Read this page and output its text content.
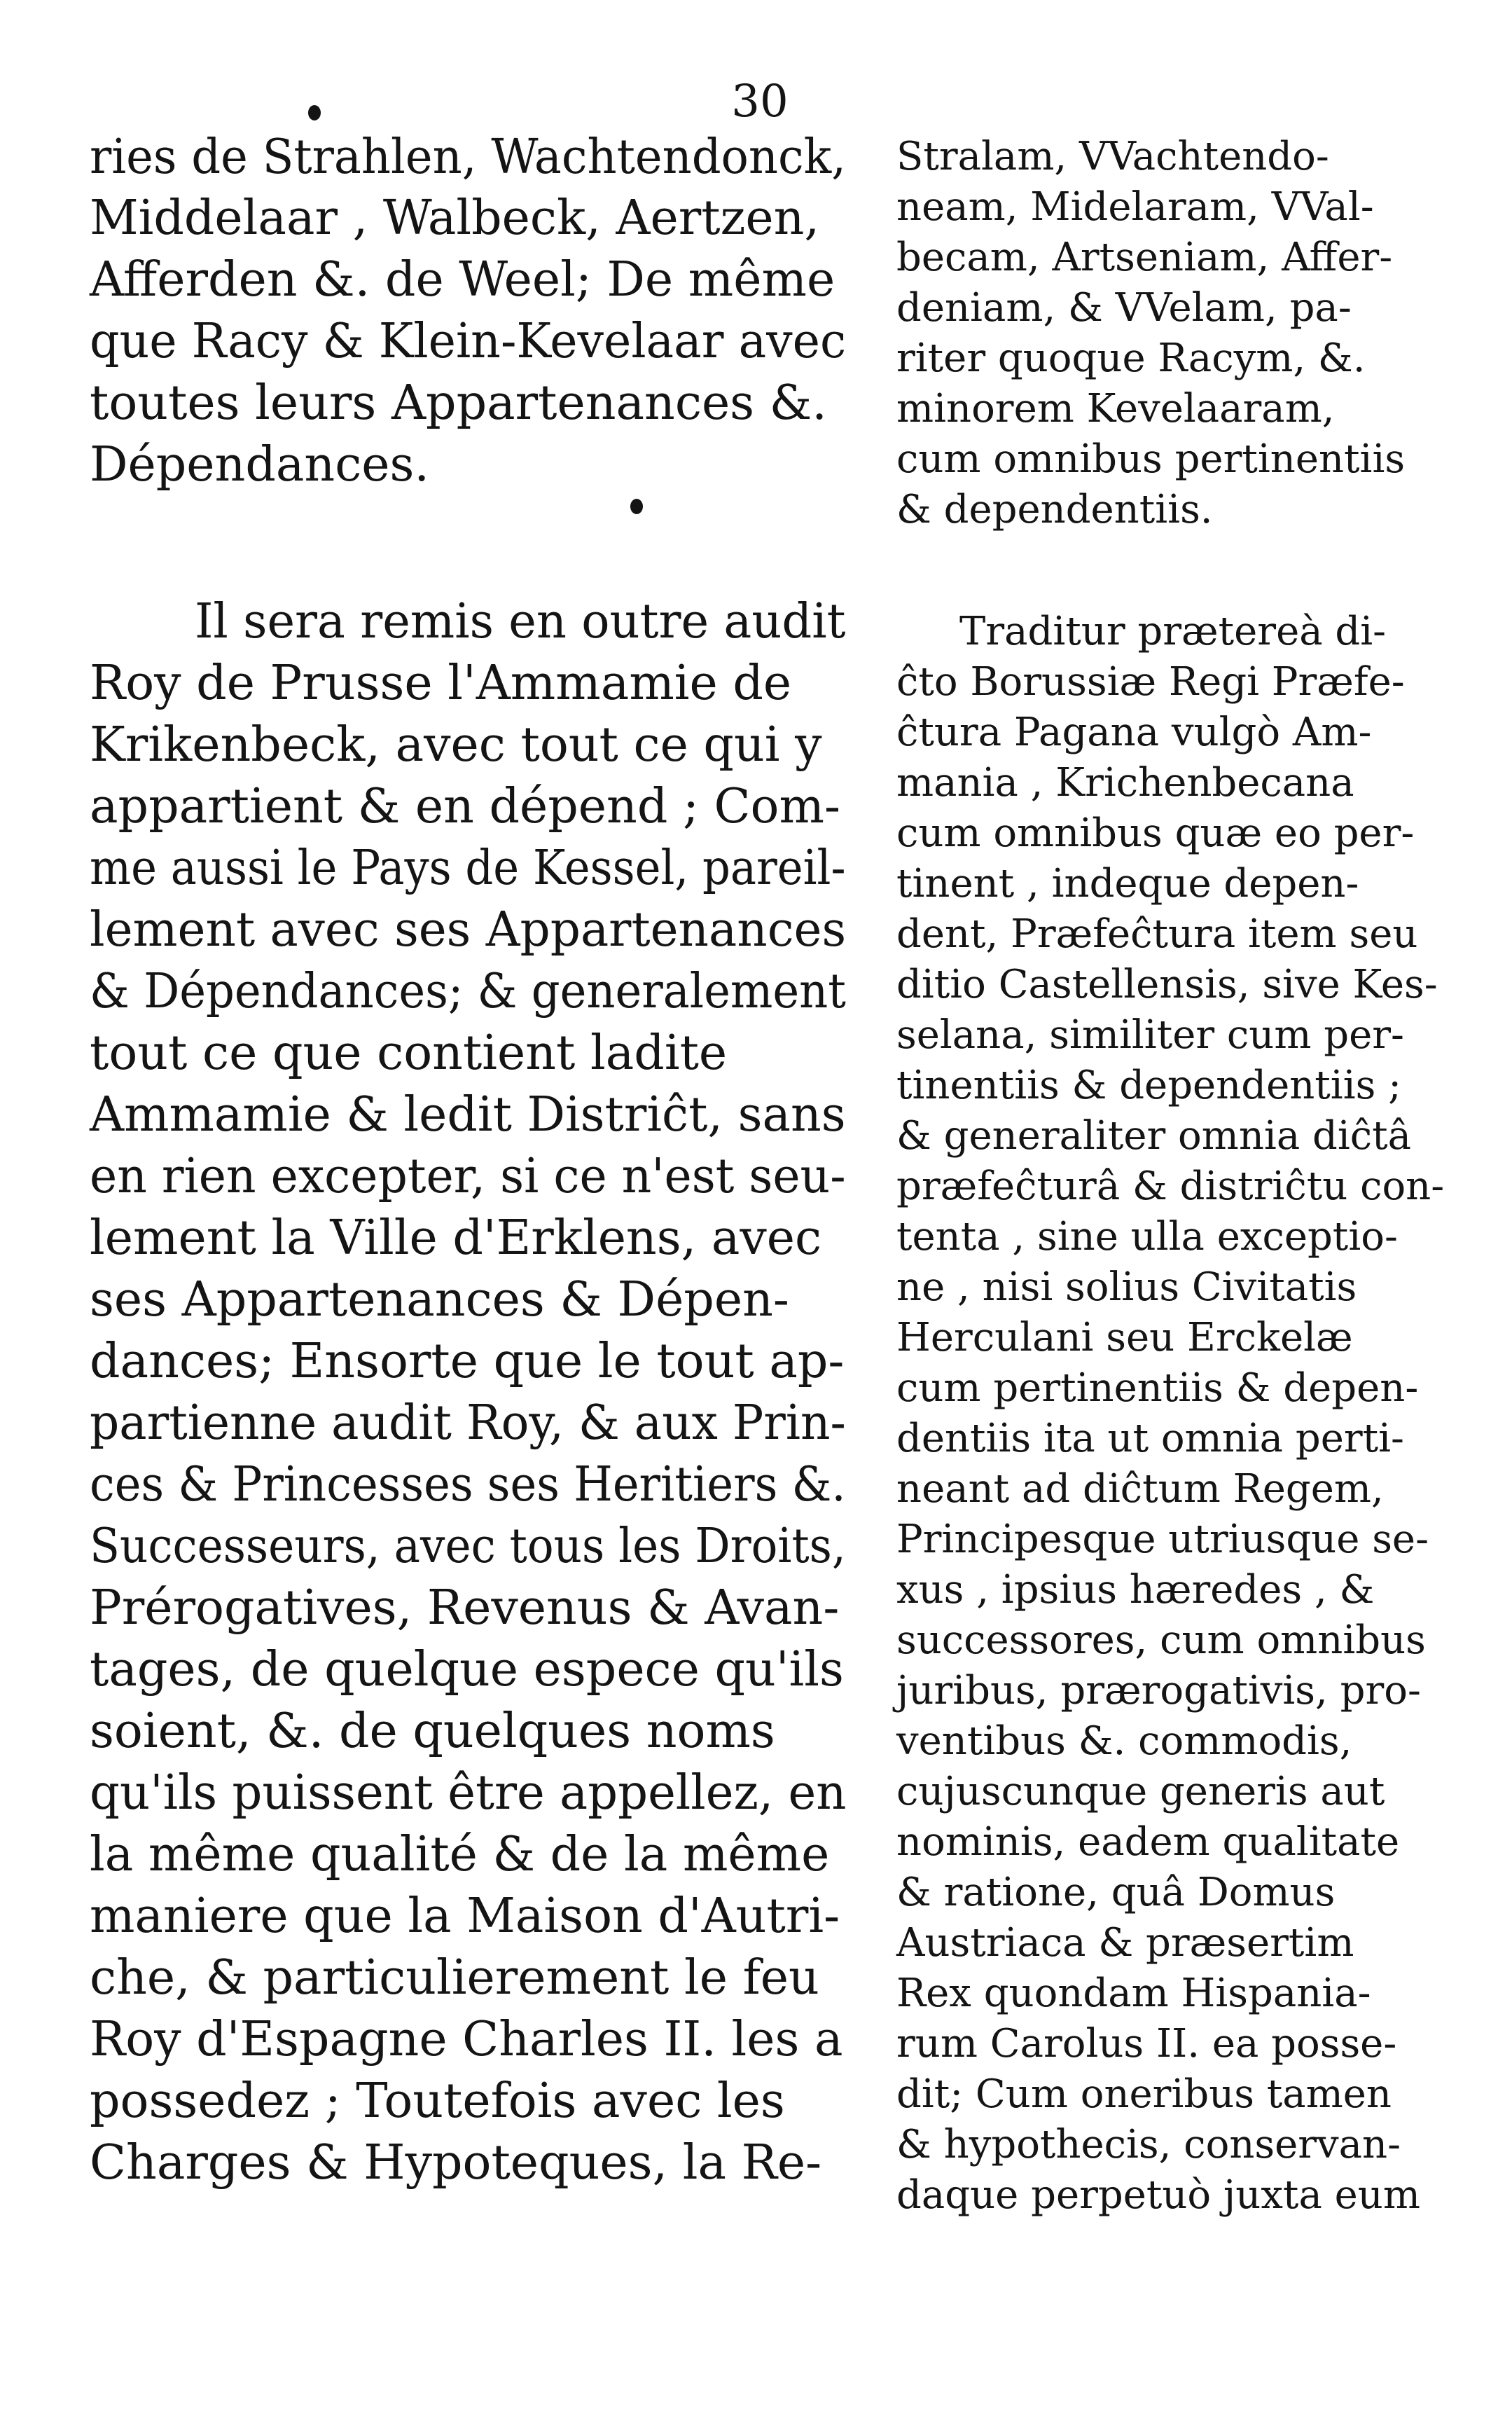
30
ries de Strahlen, Wachtendonck,
Middelaar , Walbeck, Aertzen,
Afferden &. de Weel; De même
que Racy & Klein-Kevelaar avec
toutes leurs Appartenances &.
Dépendances.
Il sera remis en outre audit
Roy de Prusse l'Ammamie de
Krikenbeck, avec tout ce qui y
appartient & en dépend ; Com-
me aussi le Pays de Kessel, pareil-
lement avec ses Appartenances
& Dépendances; & generalement
tout ce que contient ladite
Ammamie & ledit Distriĉt, sans
en rien excepter, si ce n'est seu-
lement la Ville d'Erklens, avec
ses Appartenances & Dépen-
dances; Ensorte que le tout ap-
partienne audit Roy, & aux Prin-
ces & Princesses ses Heritiers &.
Successeurs, avec tous les Droits,
Prérogatives, Revenus & Avan-
tages, de quelque espece qu'ils
soient, &. de quelques noms
qu'ils puissent être appellez, en
la même qualité & de la même
maniere que la Maison d'Autri-
che, & particulierement le feu
Roy d'Espagne Charles II. les a
possedez ; Toutefois avec les
Charges & Hypoteques, la Re-
Stralam, VVachtendo-
neam, Midelaram, VVal-
becam, Artseniam, Affer-
deniam, & VVelam, pa-
riter quoque Racym, &.
minorem Kevelaaram,
cum omnibus pertinentiis
& dependentiis.
Traditur prætereà di-
ĉto Borussiæ Regi Præfe-
ĉtura Pagana vulgò Am-
mania , Krichenbecana
cum omnibus quæ eo per-
tinent , indeque depen-
dent, Præfeĉtura item seu
ditio Castellensis, sive Kes-
selana, similiter cum per-
tinentiis & dependentiis ;
& generaliter omnia diĉtâ
præfeĉturâ & distriĉtu con-
tenta , sine ulla exceptio-
ne , nisi solius Civitatis
Herculani seu Erckelæ
cum pertinentiis & depen-
dentiis ita ut omnia perti-
neant ad diĉtum Regem,
Principesque utriusque se-
xus , ipsius hæredes , &
successores, cum omnibus
juribus, prærogativis, pro-
ventibus &. commodis,
cujuscunque generis aut
nominis, eadem qualitate
& ratione, quâ Domus
Austriaca & præsertim
Rex quondam Hispania-
rum Carolus II. ea posse-
dit; Cum oneribus tamen
& hypothecis, conservan-
daque perpetuò juxta eum
